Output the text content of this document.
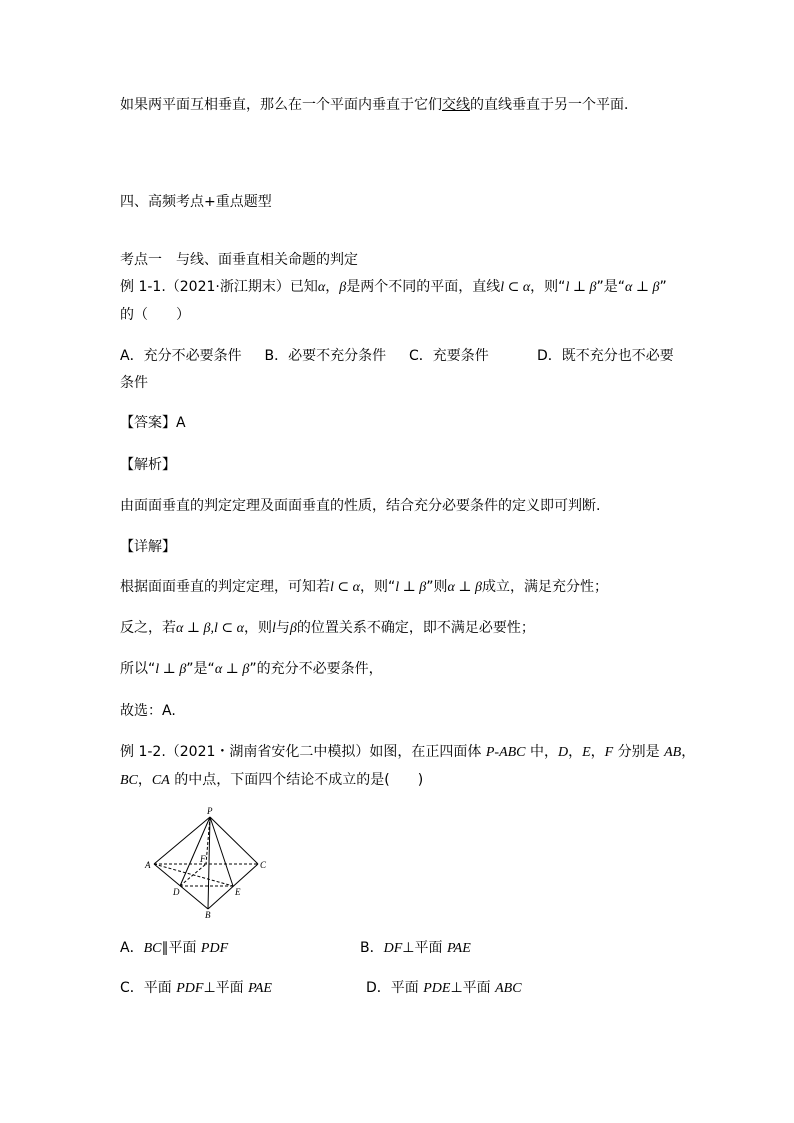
如果两平面互相垂直，那么在一个平面内垂直于它们交线的直线垂直于另一个平面．
四、高频考点+重点题型
考点一　与线、面垂直相关命题的判定
例 1-1.（2021·浙江期末）已知α，β是两个不同的平面，直线l ⊂ α，则“l ⊥ β”是“α ⊥ β”
的（　　）
A．充分不必要条件 B．必要不充分条件 C．充要条件	D．既不充分也不必要
条件
【答案】A
【解析】
由面面垂直的判定定理及面面垂直的性质，结合充分必要条件的定义即可判断.
【详解】
根据面面垂直的判定定理，可知若l ⊂ α，则“l ⊥ β”则α ⊥ β成立，满足充分性；
反之，若α ⊥ β,l ⊂ α，则l与β的位置关系不确定，即不满足必要性；
所以“l ⊥ β”是“α ⊥ β”的充分不必要条件，
故选：A.
例 1-2.（2021・湖南省安化二中模拟）如图，在正四面体 P-ABC 中，D，E，F 分别是 AB，
BC，CA 的中点，下面四个结论不成立的是(　　)
P
A	C
F
D	E
B
A．BC∥平面 PDF	B．DF⊥平面 PAE
C．平面 PDF⊥平面 PAE	D．平面 PDE⊥平面 ABC
